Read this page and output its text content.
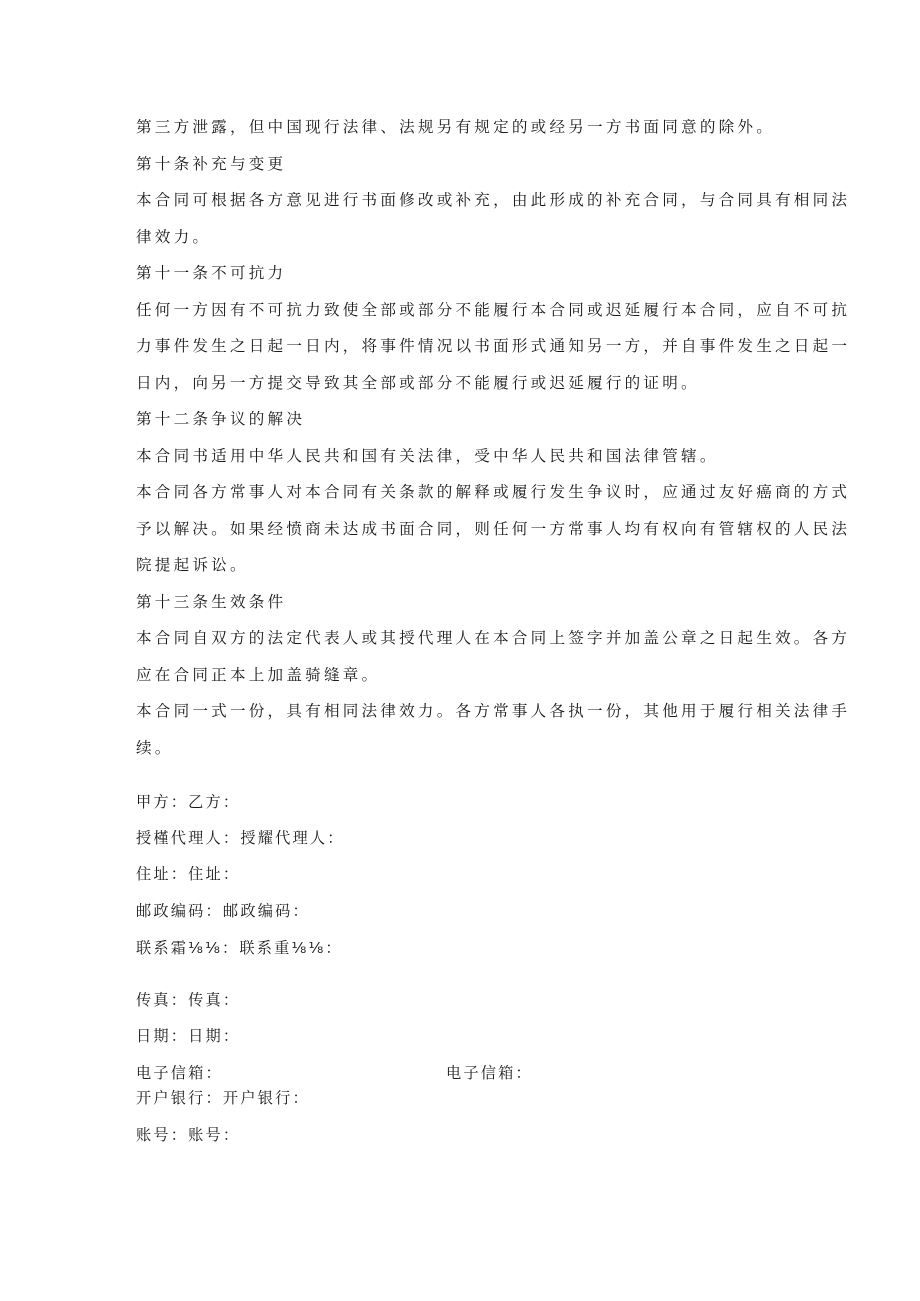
第三方泄露，但中国现行法律、法规另有规定的或经另一方书面同意的除外。
第十条补充与变更
本合同可根据各方意见进行书面修改或补充，由此形成的补充合同，与合同具有相同法
律效力。
第十一条不可抗力
任何一方因有不可抗力致使全部或部分不能履行本合同或迟延履行本合同，应自不可抗
力事件发生之日起一日内，将事件情况以书面形式通知另一方，并自事件发生之日起一
日内，向另一方提交导致其全部或部分不能履行或迟延履行的证明。
第十二条争议的解决
本合同书适用中华人民共和国有关法律，受中华人民共和国法律管辖。
本合同各方常事人对本合同有关条款的解释或履行发生争议时，应通过友好癌商的方式
予以解决。如果经愤商未达成书面合同，则任何一方常事人均有权向有管辖权的人民法
院提起诉讼。
第十三条生效条件
本合同自双方的法定代表人或其授代理人在本合同上签字并加盖公章之日起生效。各方
应在合同正本上加盖骑缝章。
本合同一式一份，具有相同法律效力。各方常事人各执一份，其他用于履行相关法律手
续。
甲方：乙方：
授槿代理人：授耀代理人：
住址：住址：
邮政编码：邮政编码：
联系霜⅛⅛：联系重⅛⅛：
传真：传真：
日期：日期：
电子信箱：	电子信箱：
开户银行：开户银行：
账号：账号：
